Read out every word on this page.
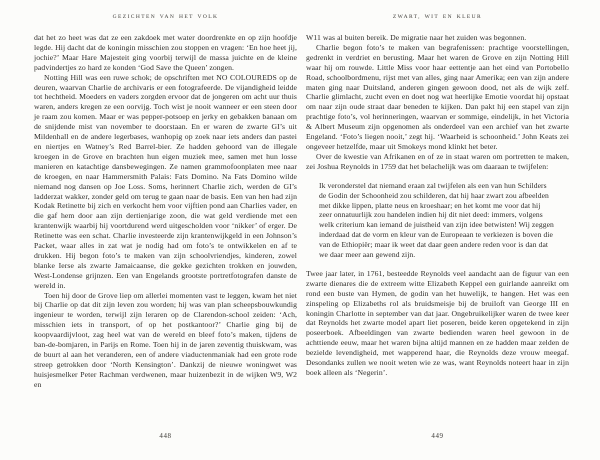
GEZICHTEN VAN HET VOLK

dat het zo heet was dat ze een zakdoek met water doordrenkte en op zijn hoofdje legde. Hij dacht dat de koningin misschien zou stoppen en vragen: ‘En hoe heet jij, jochie?’ Maar Hare Majesteit ging voorbij terwijl de massa juichte en de kleine padvindertjes zo hard ze konden ‘God Save the Queen’ zongen.

Notting Hill was een ruwe schok; de opschriften met NO COLOUREDS op de deuren, waarvan Charlie de archivaris er een fotografeerde. De vijandigheid leidde tot hechtheid. Moeders en vaders zorgden ervoor dat de jongeren om acht uur thuis waren, anders kregen ze een oorvijg. Toch wist je nooit wanneer er een steen door je raam zou komen. Maar er was pepper-potsoep en jerky en gebakken banaan om de snijdende mist van november te doorstaan. En er waren de zwarte GI’s uit Mildenhall en de andere legerbases, wanhopig op zoek naar iets anders dan pastei en niertjes en Watney’s Red Barrel-bier. Ze hadden gehoord van de illegale kroegen in de Grove en brachten hun eigen muziek mee, samen met hun losse manieren en katachtige dansbewegingen. Ze namen grammofoonplaten mee naar de kroegen, en naar Hammersmith Palais: Fats Domino. Na Fats Domino wilde niemand nog dansen op Joe Loss. Soms, herinnert Charlie zich, werden de GI’s ladderzat wakker, zonder geld om terug te gaan naar de basis. Een van hen had zijn Kodak Retinette bij zich en verkocht hem voor vijftien pond aan Charlies vader, en die gaf hem door aan zijn dertienjarige zoon, die wat geld verdiende met een krantenwijk waarbij hij voortdurend werd uitgescholden voor ‘nikker’ of erger. De Retinette was een schat. Charlie investeerde zijn krantenwijkgeld in een Johnson’s Packet, waar alles in zat wat je nodig had om foto’s te ontwikkelen en af te drukken. Hij begon foto’s te maken van zijn schoolvriendjes, kinderen, zowel blanke Ierse als zwarte Jamaicaanse, die gekke gezichten trokken en jouwden, West-Londense grijnzen. Een van Engelands grootste portretfotografen danste de wereld in.

Toen hij door de Grove liep om allerlei momenten vast te leggen, kwam het niet bij Charlie op dat dit zijn leven zou worden; hij was van plan scheepsbouwkundig ingenieur te worden, terwijl zijn leraren op de Clarendon-school zeiden: ‘Ach, misschien iets in transport, of op het postkantoor?’ Charlie ging bij de koopvaardijvloot, zag heel wat van de wereld en bleef foto’s maken, tijdens de ban-de-bomjaren, in Parijs en Rome. Toen hij in de jaren zeventig thuiskwam, was de buurt al aan het veranderen, een of andere viaductenmaniak had een grote rode streep getrokken door ‘North Kensington’. Dankzij de nieuwe woningwet was huisjesmelker Peter Rachman verdwenen, maar huizenbezit in de wijken W9, W2 en

448
ZWART, WIT EN KLEUR

W11 was al buiten bereik. De migratie naar het zuiden was begonnen.

Charlie begon foto’s te maken van begrafenissen: prachtige voorstellingen, gedrenkt in verdriet en berusting. Maar het waren de Grove en zijn Notting Hill waar hij om rouwde. Little Miss voor haar eettentje aan het eind van Portobello Road, schoolbordmenu, rijst met van alles, ging naar Amerika; een van zijn andere maten ging naar Duitsland, anderen gingen gewoon dood, net als de wijk zelf. Charlie glimlacht, zucht even en doet nog wat heerlijke Emotie voordat hij opstaat om naar zijn oude straat daar beneden te kijken. Dan pakt hij een stapel van zijn prachtige foto’s, vol herinneringen, waarvan er sommige, eindelijk, in het Victoria & Albert Museum zijn opgenomen als onderdeel van een archief van het zwarte Engeland. ‘Foto’s liegen nooit,’ zegt hij. ‘Waarheid is schoonheid.’ John Keats zei ongeveer hetzelfde, maar uit Smokeys mond klinkt het beter.

Over de kwestie van Afrikanen en of ze in staat waren om portretten te maken, zei Joshua Reynolds in 1759 dat het belachelijk was om daaraan te twijfelen:

Ik veronderstel dat niemand eraan zal twijfelen als een van hun Schilders de Godin der Schoonheid zou schilderen, dat hij haar zwart zou afbeelden met dikke lippen, platte neus en kroeshaar; en het komt me voor dat hij zeer onnatuurlijk zou handelen indien hij dit niet deed: immers, volgens welk criterium kan iemand de juistheid van zijn idee betwisten! Wij zeggen inderdaad dat de vorm en kleur van de Europeaan te verkiezen is boven die van de Ethiopiër; maar ik weet dat daar geen andere reden voor is dan dat we daar meer aan gewend zijn.

Twee jaar later, in 1761, besteedde Reynolds veel aandacht aan de figuur van een zwarte dienares die de extreem witte Elizabeth Keppel een guirlande aanreikt om rond een buste van Hymen, de godin van het huwelijk, te hangen. Het was een zinspeling op Elizabeths rol als bruidsmeisje bij de bruiloft van George III en koningin Charlotte in september van dat jaar. Ongebruikelijker waren de twee keer dat Reynolds het zwarte model apart liet poseren, beide keren opgetekend in zijn poseerboek. Afbeeldingen van zwarte bedienden waren heel gewoon in de achttiende eeuw, maar het waren bijna altijd mannen en ze hadden maar zelden de bezielde levendigheid, met wapperend haar, die Reynolds deze vrouw meegaf. Desondanks zullen we nooit weten wie ze was, want Reynolds noteert haar in zijn boek alleen als ‘Negerin’.

449
